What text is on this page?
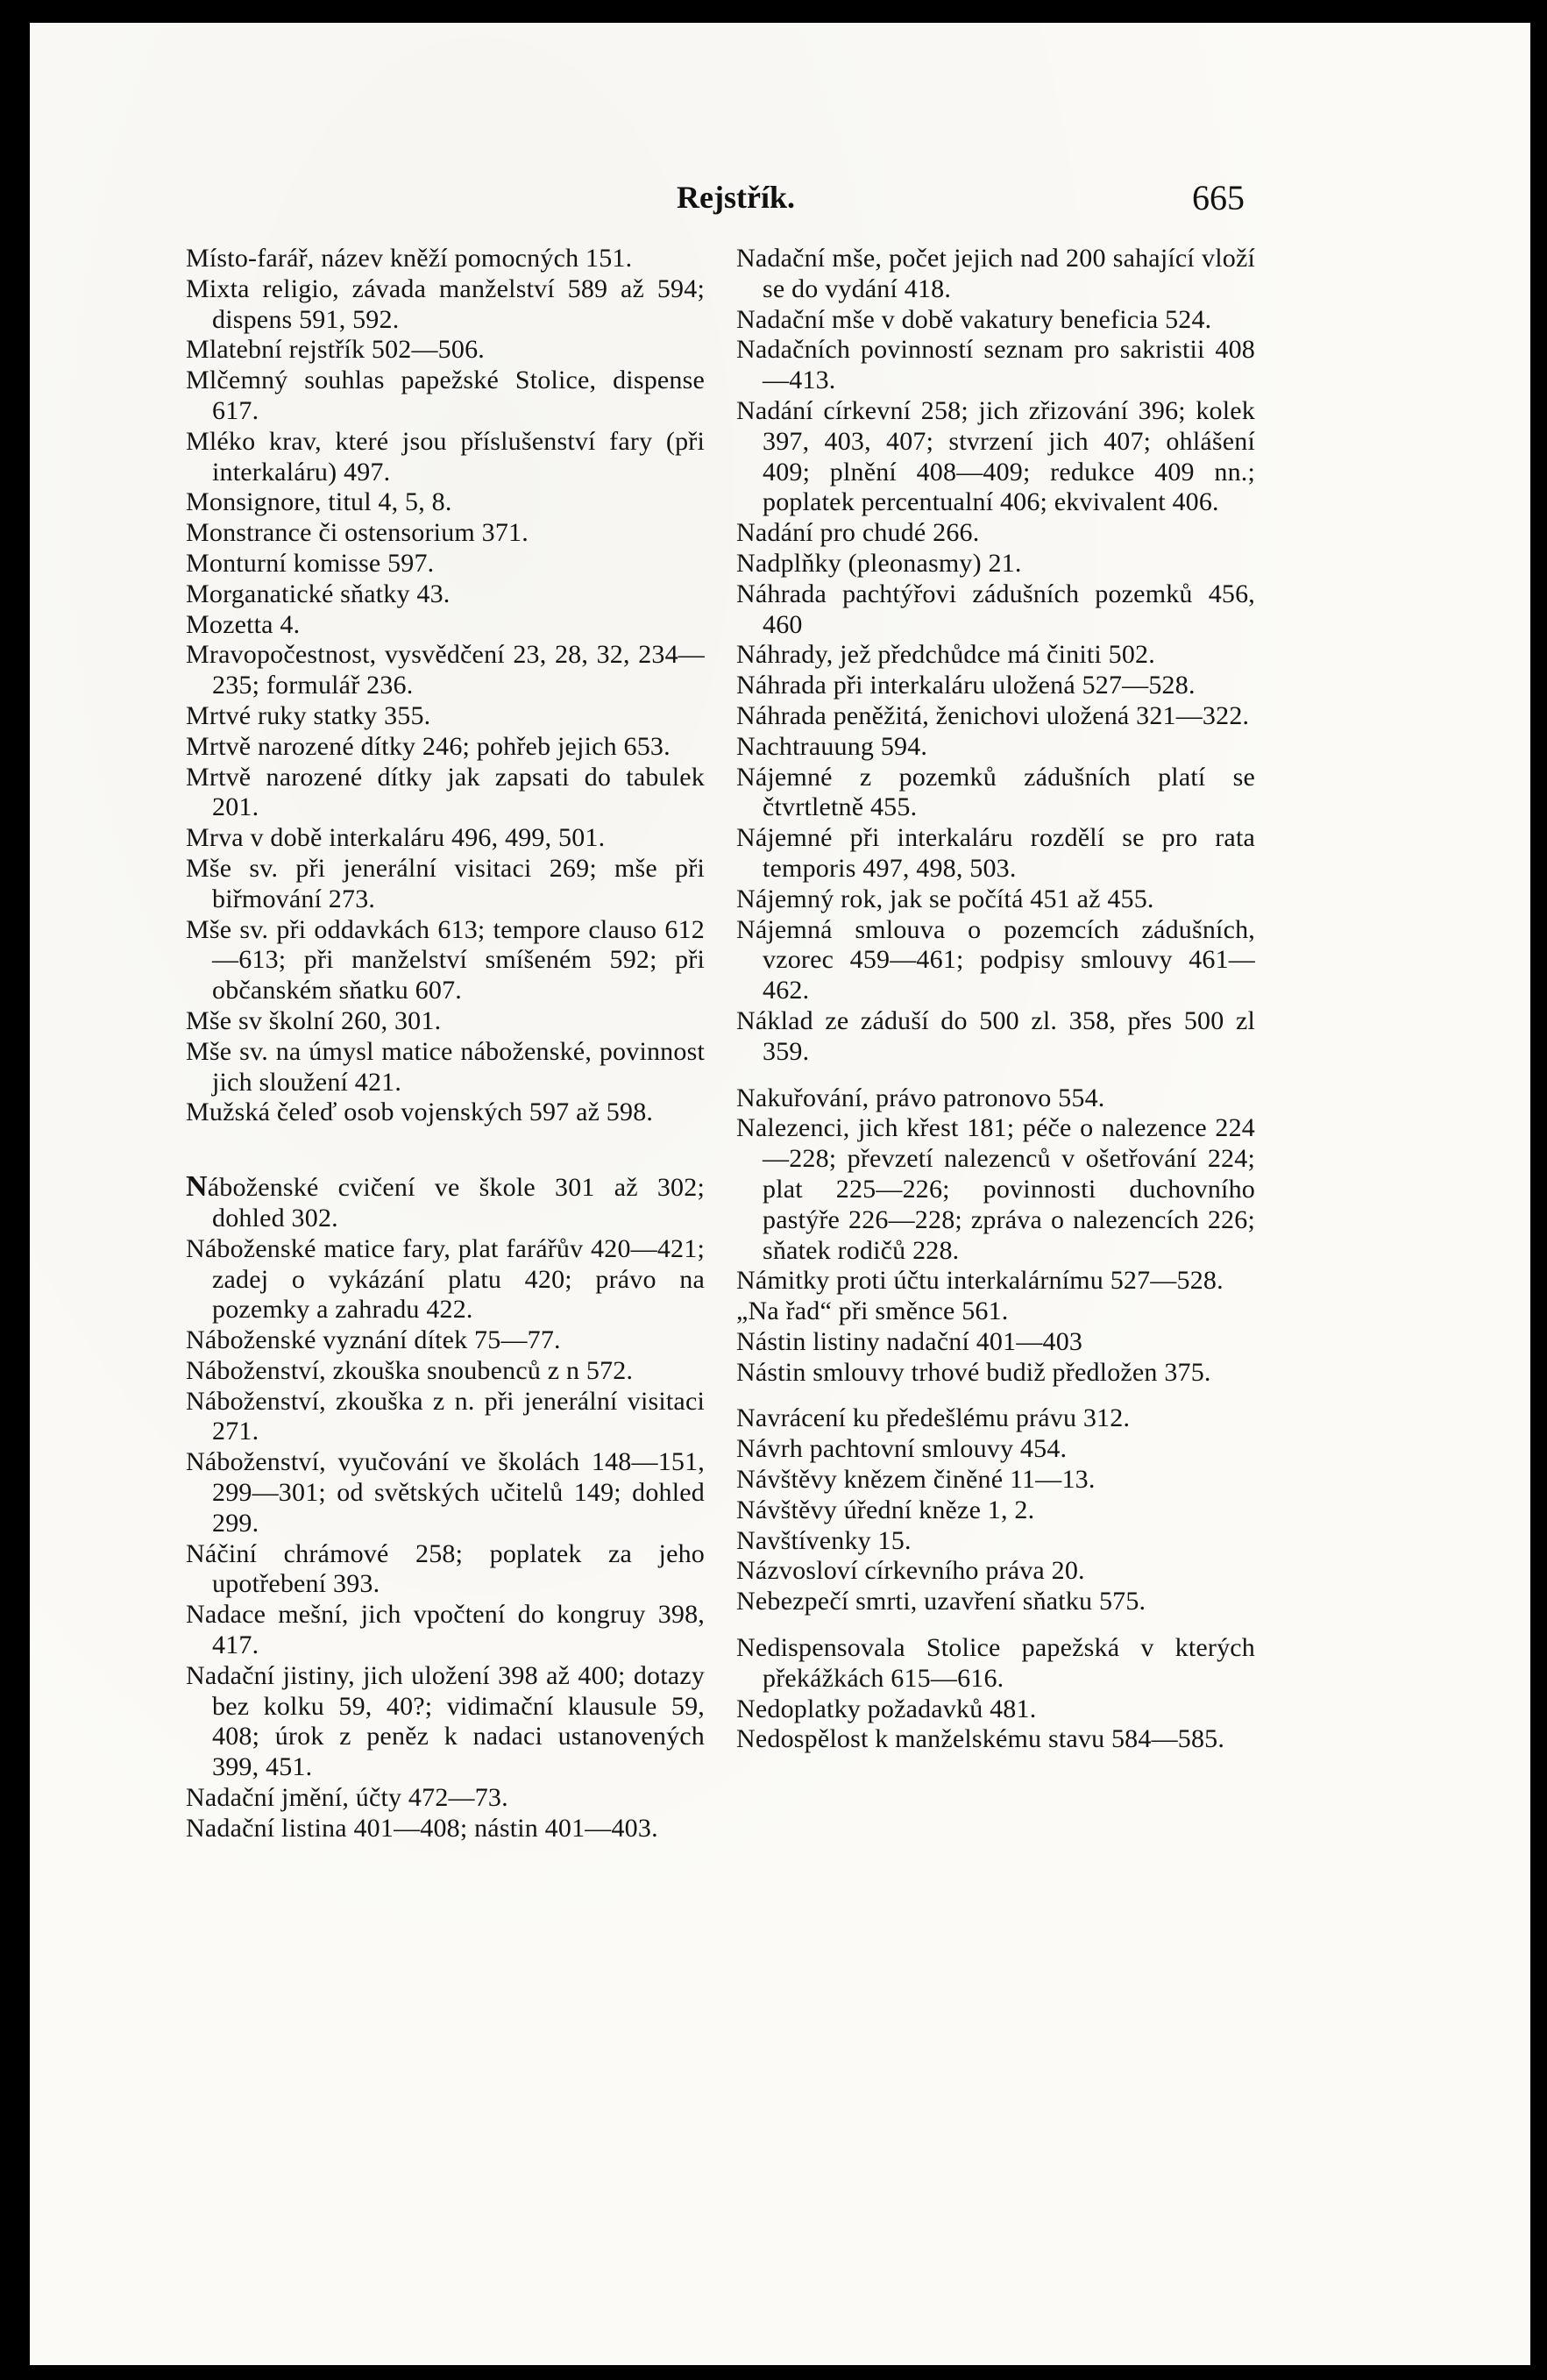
Rejstřík.	665

Místo-farář, název kněží pomocných 151.

Mixta religio, závada manželství 589 až 594; dispens 591, 592.

Mlatební rejstřík 502—506.

Mlčemný souhlas papežské Stolice, dispense 617.

Mléko krav, které jsou příslušenství fary (při interkaláru) 497.

Monsignore, titul 4, 5, 8.

Monstrance či ostensorium 371.

Monturní komisse 597.

Morganatické sňatky 43.

Mozetta 4.

Mravopočestnost, vysvědčení 23, 28, 32, 234—235; formulář 236.

Mrtvé ruky statky 355.

Mrtvě narozené dítky 246; pohřeb jejich 653.

Mrtvě narozené dítky jak zapsati do tabulek 201.

Mrva v době interkaláru 496, 499, 501.

Mše sv. při jenerální visitaci 269; mše při biřmování 273.

Mše sv. při oddavkách 613; tempore clauso 612—613; při manželství smíšeném 592; při občanském sňatku 607.

Mše sv školní 260, 301.

Mše sv. na úmysl matice náboženské, povinnost jich sloužení 421.

Mužská čeleď osob vojenských 597 až 598.

Náboženské cvičení ve škole 301 až 302; dohled 302.

Náboženské matice fary, plat farářův 420—421; zadej o vykázání platu 420; právo na pozemky a zahradu 422.

Náboženské vyznání dítek 75—77.

Náboženství, zkouška snoubenců z n 572.

Náboženství, zkouška z n. při jenerální visitaci 271.

Náboženství, vyučování ve školách 148—151, 299—301; od světských učitelů 149; dohled 299.

Náčiní chrámové 258; poplatek za jeho upotřebení 393.

Nadace mešní, jich vpočtení do kongruy 398, 417.

Nadační jistiny, jich uložení 398 až 400; dotazy bez kolku 59, 40?; vidimační klausule 59, 408; úrok z peněz k nadaci ustanovených 399, 451.

Nadační jmění, účty 472—73.

Nadační listina 401—408; nástin 401—403.

Nadační mše, počet jejich nad 200 sahající vloží se do vydání 418.

Nadační mše v době vakatury beneficia 524.

Nadačních povinností seznam pro sakristii 408—413.

Nadání církevní 258; jich zřizování 396; kolek 397, 403, 407; stvrzení jich 407; ohlášení 409; plnění 408—409; redukce 409 nn.; poplatek percentualní 406; ekvivalent 406.

Nadání pro chudé 266.

Nadplňky (pleonasmy) 21.

Náhrada pachtýřovi zádušních pozemků 456, 460

Náhrady, jež předchůdce má činiti 502.

Náhrada při interkaláru uložená 527—528.

Náhrada peněžitá, ženichovi uložená 321—322.

Nachtrauung 594.

Nájemné z pozemků zádušních platí se čtvrtletně 455.

Nájemné při interkaláru rozdělí se pro rata temporis 497, 498, 503.

Nájemný rok, jak se počítá 451 až 455.

Nájemná smlouva o pozemcích zádušních, vzorec 459—461; podpisy smlouvy 461—462.

Náklad ze záduší do 500 zl. 358, přes 500 zl 359.

Nakuřování, právo patronovo 554.

Nalezenci, jich křest 181; péče o nalezence 224—228; převzetí nalezenců v ošetřování 224; plat 225—226; povinnosti duchovního pastýře 226—228; zpráva o nalezencích 226; sňatek rodičů 228.

Námitky proti účtu interkalárnímu 527—528.

„Na řad“ při směnce 561.

Nástin listiny nadační 401—403

Nástin smlouvy trhové budiž předložen 375.

Navrácení ku předešlému právu 312.

Návrh pachtovní smlouvy 454.

Návštěvy knězem činěné 11—13.

Návštěvy úřední kněze 1, 2.

Navštívenky 15.

Názvosloví církevního práva 20.

Nebezpečí smrti, uzavření sňatku 575.

Nedispensovala Stolice papežská v kterých překážkách 615—616.

Nedoplatky požadavků 481.

Nedospělost k manželskému stavu 584—585.
